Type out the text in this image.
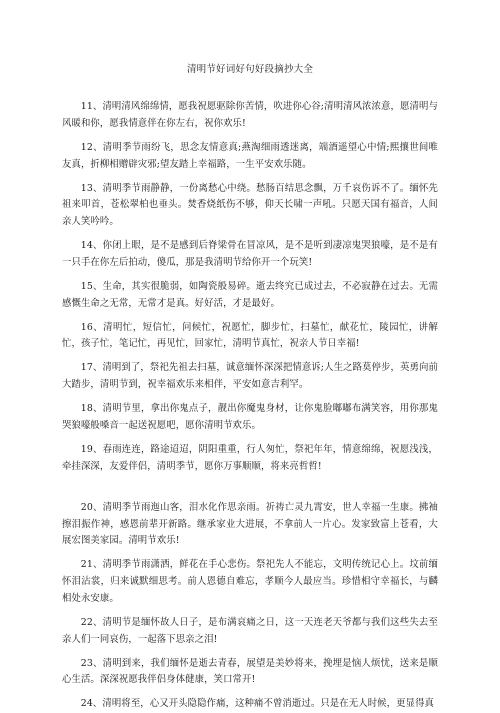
清明节好词好句好段摘抄大全

11、清明清风绵绵情，愿我祝愿驱除你苦情，吹进你心谷;清明清风浓浓意，愿清明与风暖和你，愿我情意伴在你左右，祝你欢乐!

12、清明季节雨纷飞，思念友情意真;燕淘细雨透迷离，端酒遥望心中情;熙攘世间唯友真，折柳相赠辟灾邪;望友踏上幸福路，一生平安欢乐随。

13、清明季节雨静静，一份离愁心中绕。愁肠百结思念飘，万千哀伤诉不了。缅怀先祖来叩首，苍松翠柏也垂头。焚香烧纸伤不够，仰天长啸一声吼。只愿天国有福音，人间亲人笑吟吟。

14、你闭上眼，是不是感到后脊梁骨在冒凉风，是不是听到凄凉鬼哭狼嚎，是不是有一只手在你左后拍动，傻瓜，那是我清明节给你开一个玩笑!

15、生命，其实很脆弱，如陶瓷般易碎。逝去终究已成过去，不必寂静在过去。无需感慨生命之无常，无常才是真。好好活，才是最好。

16、清明忙，短信忙，问候忙，祝愿忙，脚步忙，扫墓忙，献花忙，陵园忙，讲解忙，孩子忙，笔记忙，再见忙，回家忙，清明节真忙，祝亲人节日幸福!

17、清明到了，祭祀先祖去扫墓，诚意缅怀深深把情意诉;人生之路莫停步，英勇向前大踏步，清明节到，祝幸福欢乐来相伴，平安如意吉利罕。

18、清明节里，拿出你鬼点子，靓出你魔鬼身材，让你鬼脸嘟嘟布满笑容，用你那鬼哭狼嚎般嗓音一起送祝愿吧，愿你清明节欢乐。

19、春雨连连，路途迢迢，阴阳重重，行人匆忙，祭祀年年，情意绵绵，祝愿浅浅，牵挂深深，友爱伴侣，清明季节，愿你万事顺顺，将来亮哲哲!

20、清明季节雨迤山客，泪水化作思亲雨。祈祷亡灵九霄安，世人幸福一生康。拂袖擦泪振作神，感恩前辈开新路。继承家业大进展，不拿前人一片心。发家致富上苍看，大展宏图美家园。清明节欢乐!

21、清明季节雨潇洒，鲜花在手心悲伤。祭祀先人不能忘，文明传统记心上。坟前缅怀泪沾裳，归来诚默细思考。前人恩德自难忘，孝顺今人最应当。珍惜相守幸福长，与麟相处永安康。

22、清明节是缅怀故人日子，是布满哀痛之日，这一天连老天爷都与我们这些失去至亲人们一同哀伤，一起落下思亲之泪!

23、清明到来，我们缅怀是逝去青春，展望是美妙将来，挽埋是恼人烦忧，送来是顺心生活。深深祝愿我伴侣身体健康，笑口常开!

24、清明将至，心又开头隐隐作痛，这种痛不曾消逝过。只是在无人时候，更显得真
